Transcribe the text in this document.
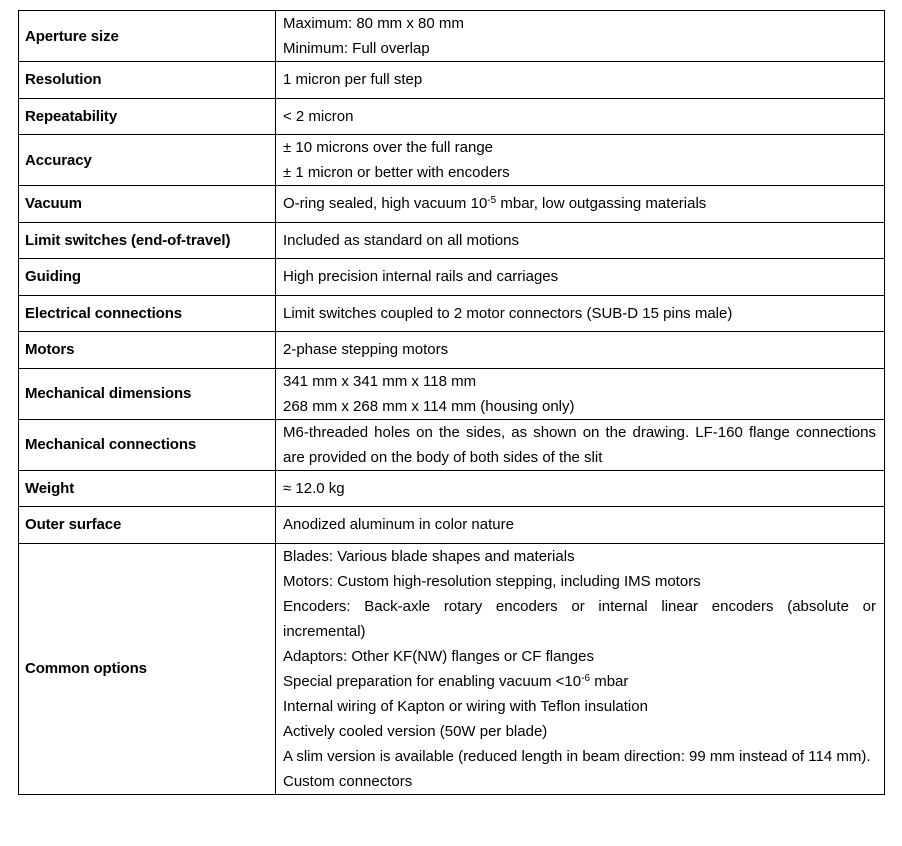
Aperture size	Maximum: 80 mm x 80 mm
Minimum: Full overlap

Resolution	1 micron per full step

Repeatability	< 2 micron

Accuracy	± 10 microns over the full range
± 1 micron or better with encoders

Vacuum	O-ring sealed, high vacuum $10^{-5}$ mbar, low outgassing materials

Limit switches (end-of-travel)	Included as standard on all motions

Guiding	High precision internal rails and carriages

Electrical connections	Limit switches coupled to 2 motor connectors (SUB-D 15 pins male)

Motors	2-phase stepping motors

Mechanical dimensions	341 mm x 341 mm x 118 mm
268 mm x 268 mm x 114 mm (housing only)

Mechanical connections	M6-threaded holes on the sides, as shown on the drawing. LF-160 flange connections are provided on the body of both sides of the slit

Weight	≈ 12.0 kg

Outer surface	Anodized aluminum in color nature

Common options	
Blades: Various blade shapes and materials
Motors: Custom high-resolution stepping, including IMS motors
Encoders: Back-axle rotary encoders or internal linear encoders (absolute or incremental)
Adaptors: Other KF(NW) flanges or CF flanges
Special preparation for enabling vacuum $<10^{-6}$ mbar
Internal wiring of Kapton or wiring with Teflon insulation
Actively cooled version (50W per blade)
A slim version is available (reduced length in beam direction: 99 mm instead of 114 mm).
Custom connectors
